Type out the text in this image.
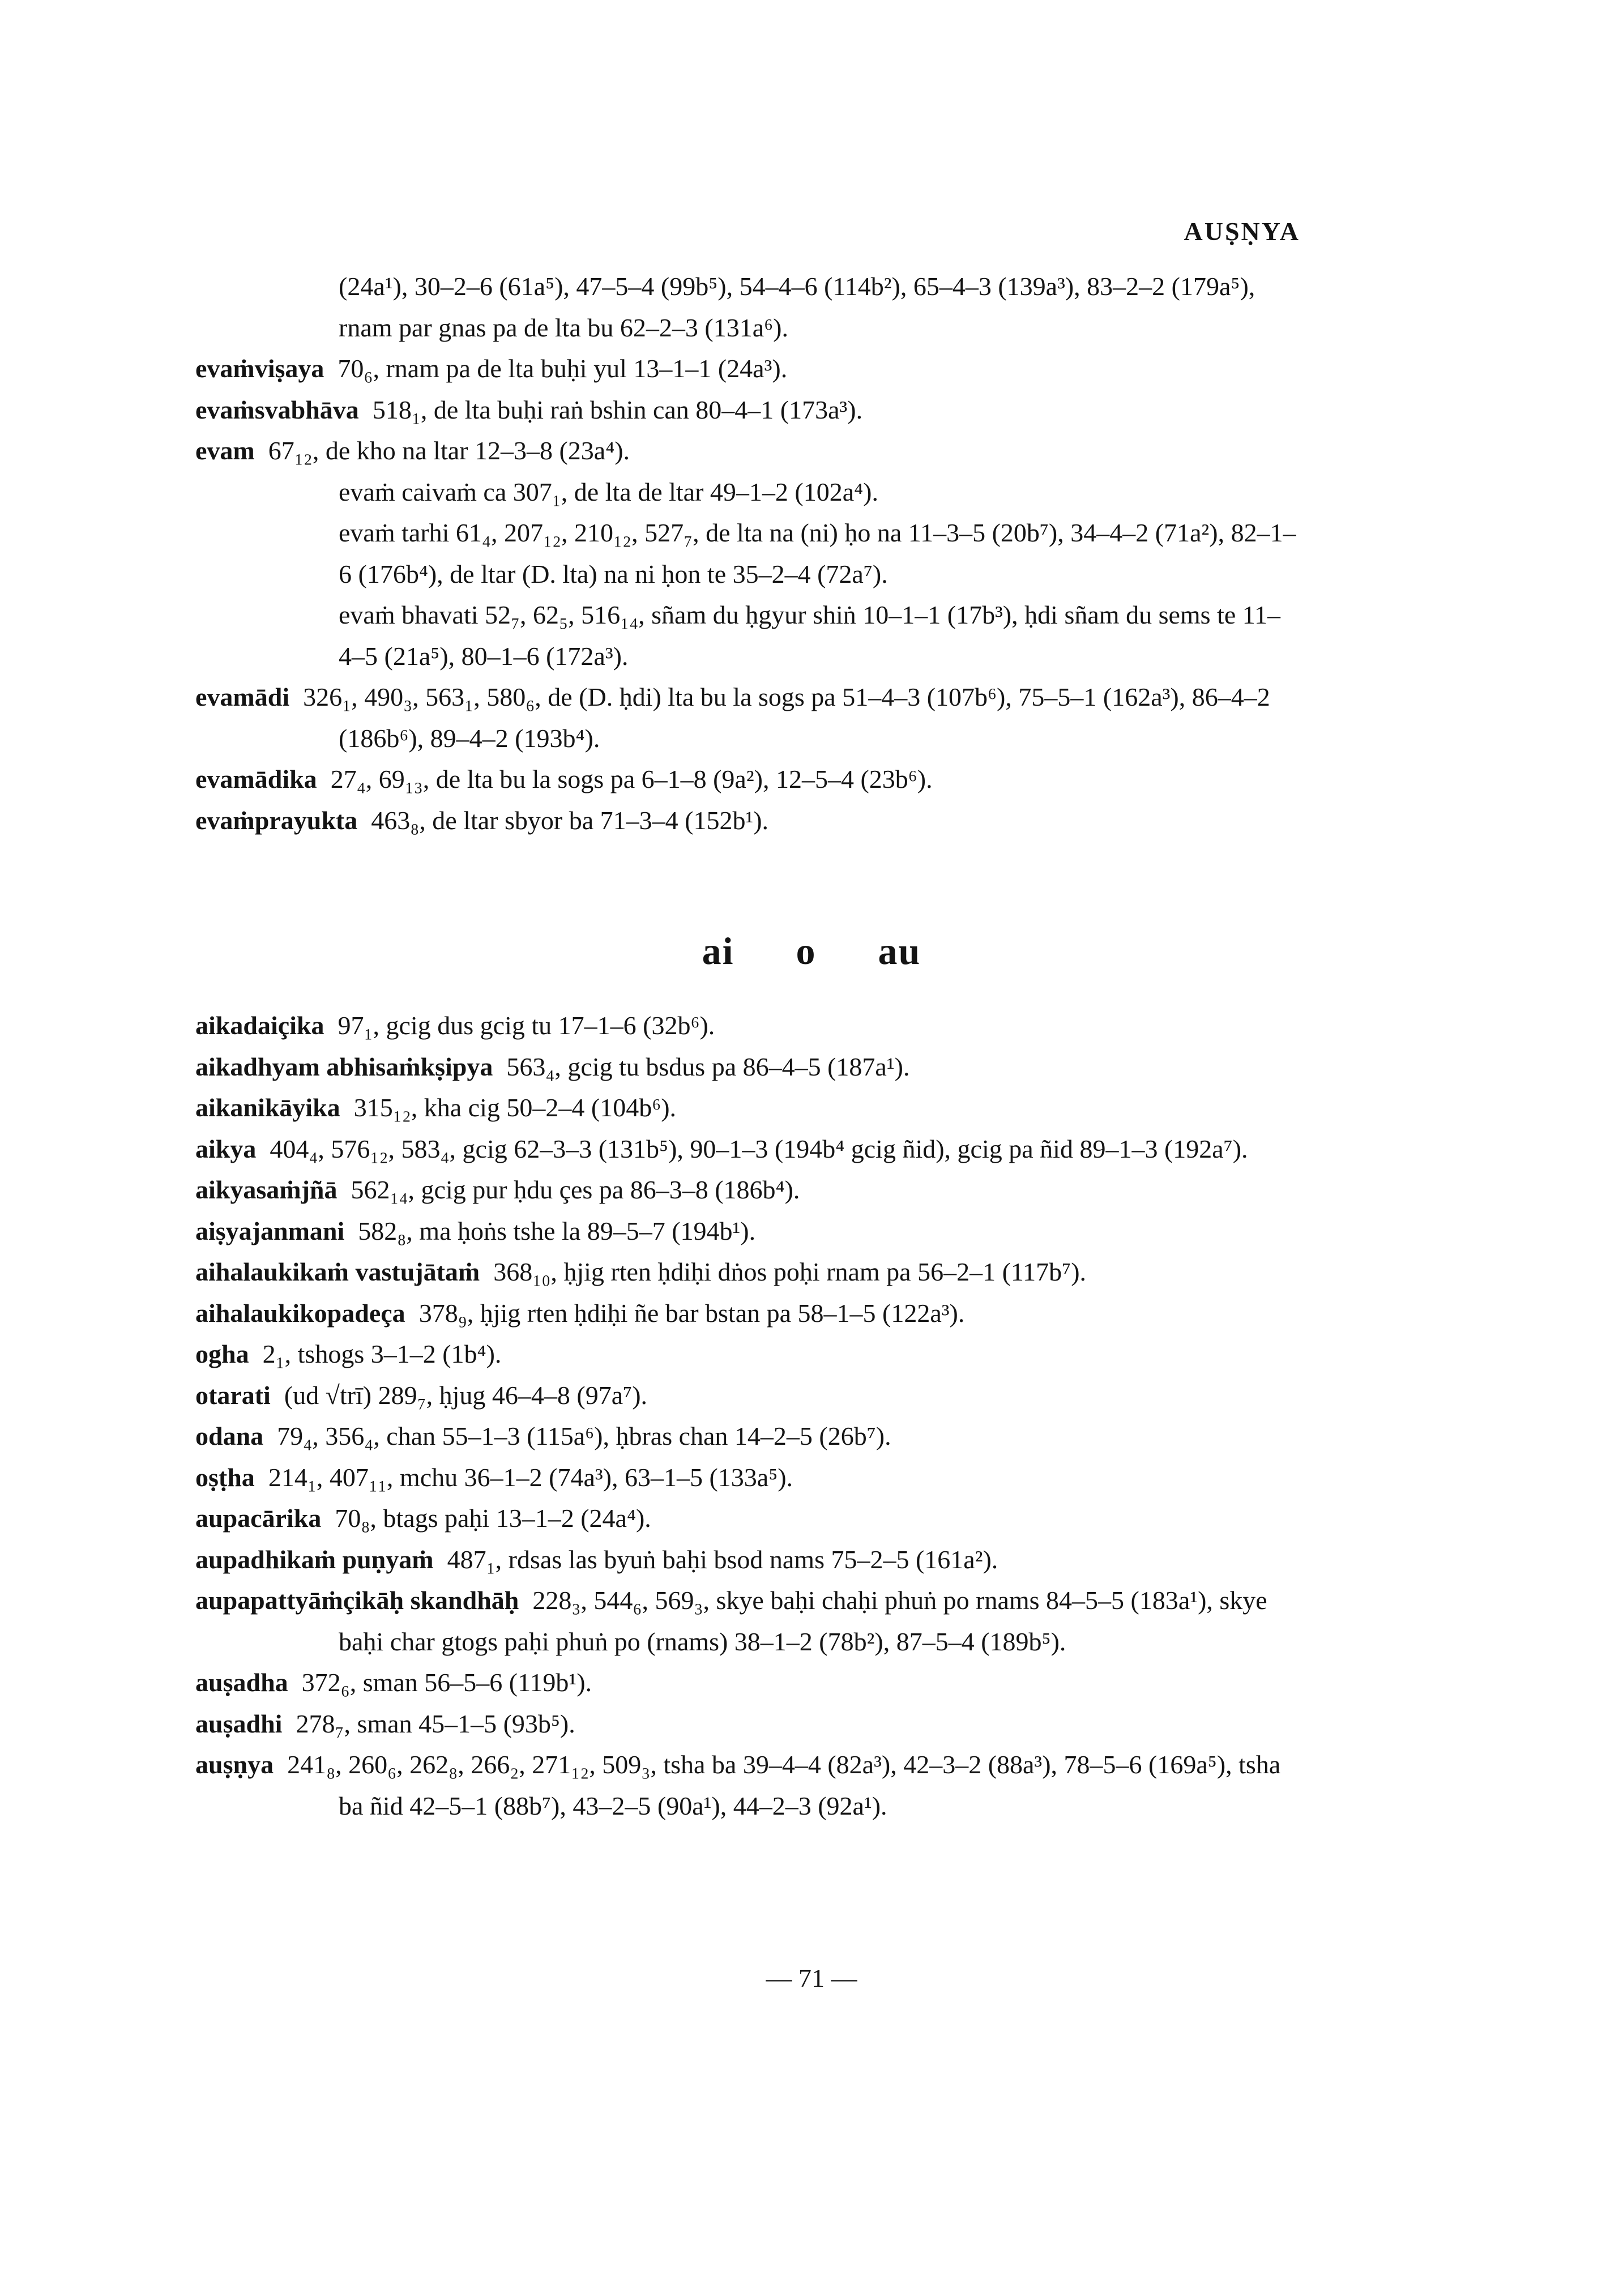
AUṢṆYA
(24a¹), 30–2–6 (61a⁵), 47–5–4 (99b⁵), 54–4–6 (114b²), 65–4–3 (139a³), 83–2–2 (179a⁵), rnam par gnas pa de lta bu 62–2–3 (131a⁶).
evaṁviṣaya 70₆, rnam pa de lta buḥi yul 13–1–1 (24a³).
evaṁsvabhāva 518₁, de lta buḥi raṅ bshin can 80–4–1 (173a³).
evam 67₁₂, de kho na ltar 12–3–8 (23a⁴).
evaṁ caivaṁ ca 307₁, de lta de ltar 49–1–2 (102a⁴).
evaṁ tarhi 61₄, 207₁₂, 210₁₂, 527₇, de lta na (ni) ḥo na 11–3–5 (20b⁷), 34–4–2 (71a²), 82–1–6 (176b⁴), de ltar (D. lta) na ni ḥon te 35–2–4 (72a⁷).
evaṁ bhavati 52₇, 62₅, 516₁₄, sñam du ḥgyur shiṅ 10–1–1 (17b³), ḥdi sñam du sems te 11–4–5 (21a⁵), 80–1–6 (172a³).
evamādi 326₁, 490₃, 563₁, 580₆, de (D. ḥdi) lta bu la sogs pa 51–4–3 (107b⁶), 75–5–1 (162a³), 86–4–2 (186b⁶), 89–4–2 (193b⁴).
evamādika 27₄, 69₁₃, de lta bu la sogs pa 6–1–8 (9a²), 12–5–4 (23b⁶).
evaṁprayukta 463₈, de ltar sbyor ba 71–3–4 (152b¹).
ai o au
aikadaiçika 97₁, gcig dus gcig tu 17–1–6 (32b⁶).
aikadhyam abhisaṁkṣipya 563₄, gcig tu bsdus pa 86–4–5 (187a¹).
aikanikāyika 315₁₂, kha cig 50–2–4 (104b⁶).
aikya 404₄, 576₁₂, 583₄, gcig 62–3–3 (131b⁵), 90–1–3 (194b⁴ gcig ñid), gcig pa ñid 89–1–3 (192a⁷).
aikyasaṁjñā 562₁₄, gcig pur ḥdu çes pa 86–3–8 (186b⁴).
aiṣyajanmani 582₈, ma ḥoṅs tshe la 89–5–7 (194b¹).
aihalaukikaṁ vastujātaṁ 368₁₀, ḥjig rten ḥdiḥi dṅos poḥi rnam pa 56–2–1 (117b⁷).
aihalaukikopadeça 378₉, ḥjig rten ḥdiḥi ñe bar bstan pa 58–1–5 (122a³).
ogha 2₁, tshogs 3–1–2 (1b⁴).
otarati (ud √trī) 289₇, ḥjug 46–4–8 (97a⁷).
odana 79₄, 356₄, chan 55–1–3 (115a⁶), ḥbras chan 14–2–5 (26b⁷).
oṣṭha 214₁, 407₁₁, mchu 36–1–2 (74a³), 63–1–5 (133a⁵).
aupacārika 70₈, btags paḥi 13–1–2 (24a⁴).
aupadhikaṁ puṇyaṁ 487₁, rdsas las byuṅ baḥi bsod nams 75–2–5 (161a²).
aupapattyāṁçikāḥ skandhāḥ 228₃, 544₆, 569₃, skye baḥi chaḥi phuṅ po rnams 84–5–5 (183a¹), skye baḥi char gtogs paḥi phuṅ po (rnams) 38–1–2 (78b²), 87–5–4 (189b⁵).
auṣadha 372₆, sman 56–5–6 (119b¹).
auṣadhi 278₇, sman 45–1–5 (93b⁵).
auṣṇya 241₈, 260₆, 262₈, 266₂, 271₁₂, 509₃, tsha ba 39–4–4 (82a³), 42–3–2 (88a³), 78–5–6 (169a⁵), tsha ba ñid 42–5–1 (88b⁷), 43–2–5 (90a¹), 44–2–3 (92a¹).
— 71 —
